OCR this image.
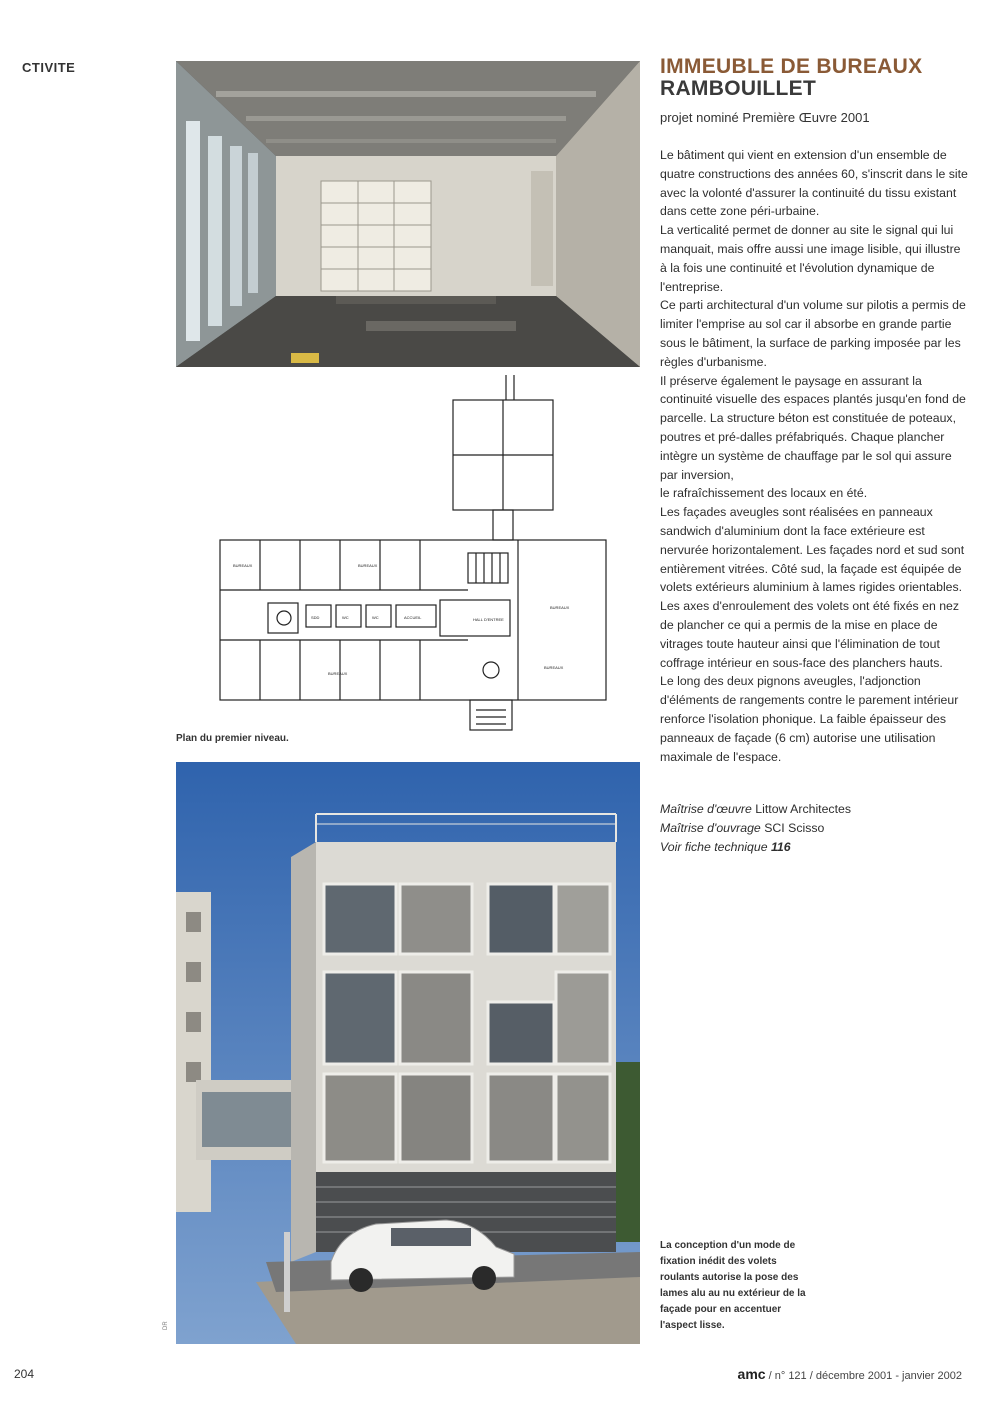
CTIVITE
BUREAUX	BUREAUX
BUREAUX
BUREAUX
BUREAUX
HALL D'ENTREE
ACCUEIL
SDD	WC	WC
Plan du premier niveau.
DR
IMMEUBLE DE BUREAUX
RAMBOUILLET
projet nominé Première Œuvre 2001

Le bâtiment qui vient en extension d'un ensemble de quatre constructions des années 60, s'inscrit dans le site avec la volonté d'assurer la continuité du tissu existant dans cette zone péri-urbaine.

La verticalité permet de donner au site le signal qui lui manquait, mais offre aussi une image lisible, qui illustre à la fois une continuité et l'évolution dynamique de l'entreprise.

Ce parti architectural d'un volume sur pilotis a permis de limiter l'emprise au sol car il absorbe en grande partie sous le bâtiment, la surface de parking imposée par les règles d'urbanisme.

Il préserve également le paysage en assurant la continuité visuelle des espaces plantés jusqu'en fond de parcelle. La structure béton est constituée de poteaux, poutres et pré-dalles préfabriqués. Chaque plancher intègre un système de chauffage par le sol qui assure par inversion,

le rafraîchissement des locaux en été.

Les façades aveugles sont réalisées en panneaux sandwich d'aluminium dont la face extérieure est nervurée horizontalement. Les façades nord et sud sont entièrement vitrées. Côté sud, la façade est équipée de volets extérieurs aluminium à lames rigides orientables. Les axes d'enroulement des volets ont été fixés en nez de plancher ce qui a permis de la mise en place de vitrages toute hauteur ainsi que l'élimination de tout coffrage intérieur en sous-face des planchers hauts.

Le long des deux pignons aveugles, l'adjonction d'éléments de rangements contre le parement intérieur renforce l'isolation phonique. La faible épaisseur des panneaux de façade (6 cm) autorise une utilisation maximale de l'espace.

Maîtrise d'œuvre Littow Architectes
Maîtrise d'ouvrage SCI Scisso
Voir fiche technique 116
La conception d'un mode de fixation inédit des volets roulants autorise la pose des lames alu au nu extérieur de la façade pour en accentuer l'aspect lisse.
204	amc / n° 121 / décembre 2001 - janvier 2002
